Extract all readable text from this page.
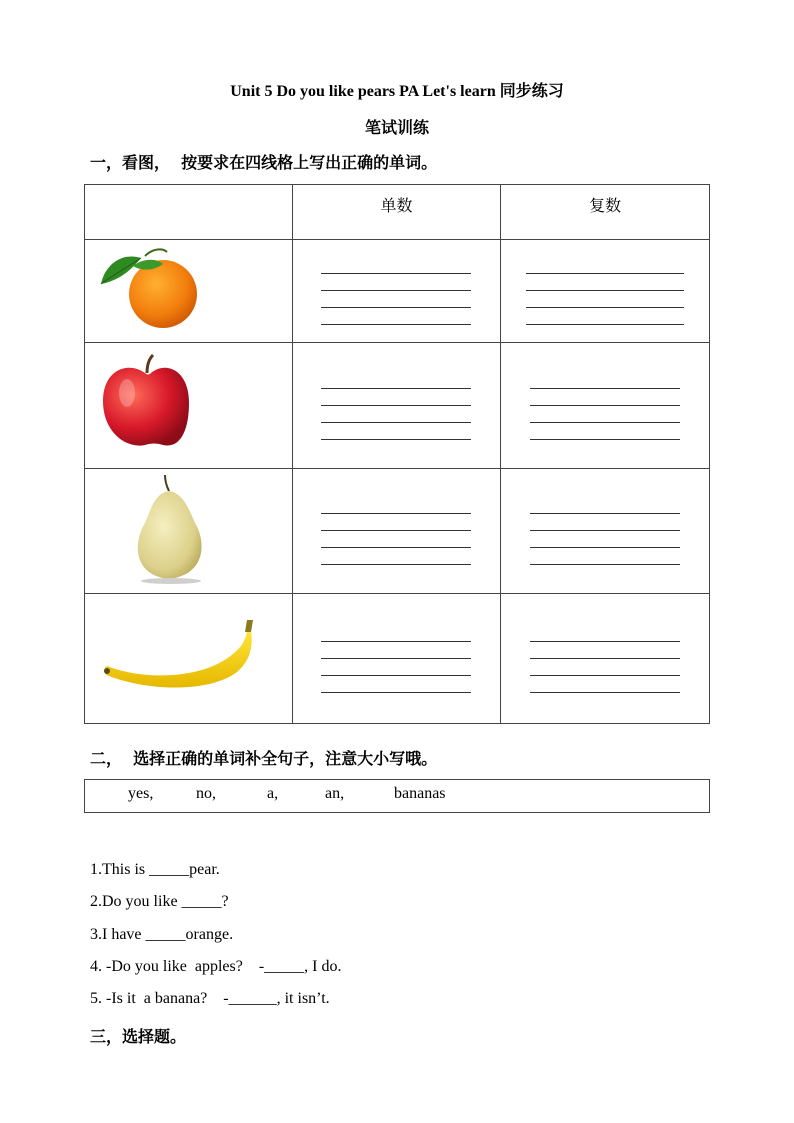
Unit 5 Do you like pears PA Let's learn 同步练习
笔试训练
一，看图，  按要求在四线格上写出正确的单词。
	单数	复数

二，  选择正确的单词补全句子，注意大小写哦。
yes,	no,	a,	an,	bananas
1.This is _____pear.
2.Do you like _____?
3.I have _____orange.
4. -Do you like  apples?    -_____, I do.
5. -Is it  a banana?    -______, it isn’t.
三，选择题。
